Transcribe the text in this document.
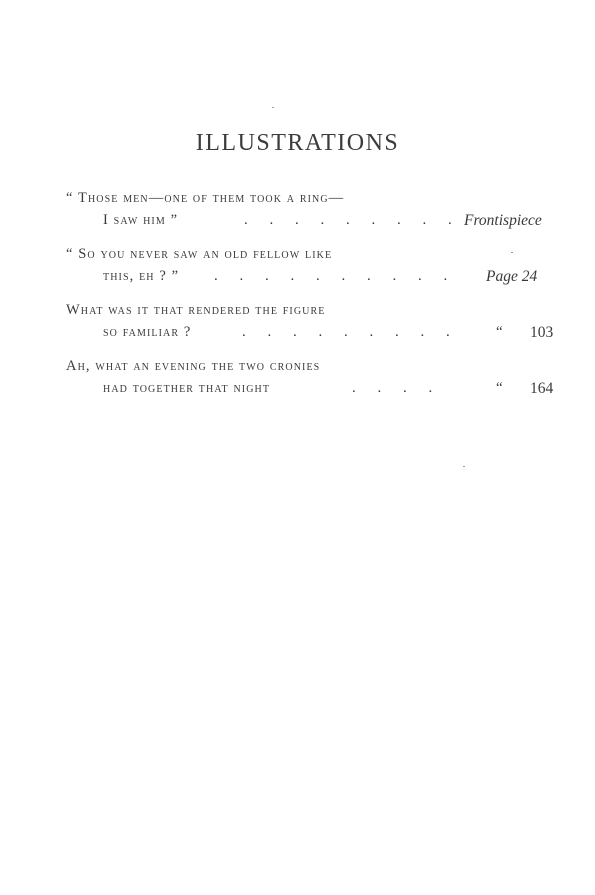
ILLUSTRATIONS
“ Those men—one of them took a ring—
I saw him ”	. . . . . . . . . Frontispiece
“ So you never saw an old fellow like
this, eh ? ” . . . . . . . . . . Page 24
What was it that rendered the figure
so familiar ?	. . . . . . . . . “ 103
Ah, what an evening the two cronies
had together that night	. . . .	“ 164
